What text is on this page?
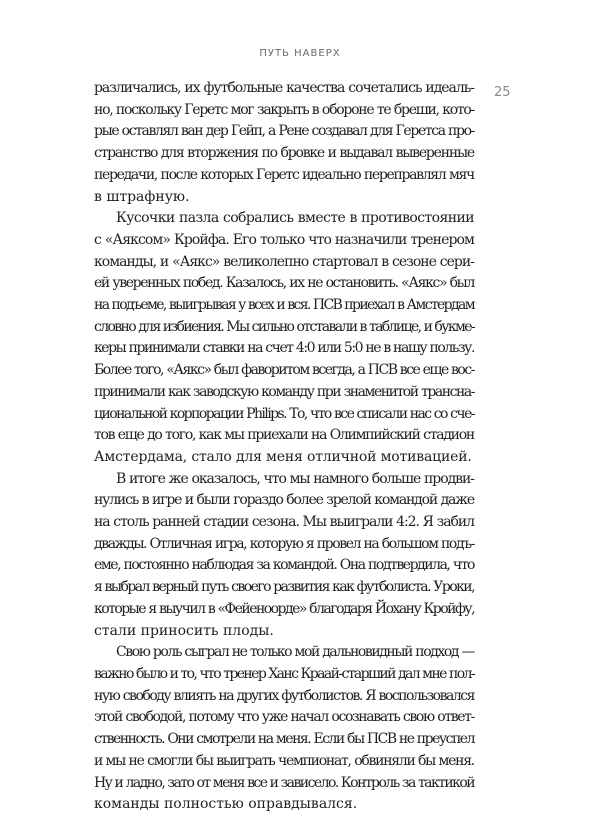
ПУТЬ НАВЕРХ
25

различались, их футбольные качества сочетались идеаль-
но, поскольку Геретс мог закрыть в обороне те бреши, кото-
рые оставлял ван дер Гейп, а Рене создавал для Геретса про-
странство для вторжения по бровке и выдавал выверенные
передачи, после которых Геретс идеально переправлял мяч
в штрафную.

Кусочки пазла собрались вместе в противостоянии
с «Аяксом» Кройфа. Его только что назначили тренером
команды, и «Аякс» великолепно стартовал в сезоне сери-
ей уверенных побед. Казалось, их не остановить. «Аякс» был
на подъеме, выигрывая у всех и вся. ПСВ приехал в Амстердам
словно для избиения. Мы сильно отставали в таблице, и букме-
керы принимали ставки на счет 4:0 или 5:0 не в нашу пользу.
Более того, «Аякс» был фаворитом всегда, а ПСВ все еще вос-
принимали как заводскую команду при знаменитой трансна-
циональной корпорации Philips. То, что все списали нас со сче-
тов еще до того, как мы приехали на Олимпийский стадион
Амстердама, стало для меня отличной мотивацией.

В итоге же оказалось, что мы намного больше продви-
нулись в игре и были гораздо более зрелой командой даже
на столь ранней стадии сезона. Мы выиграли 4:2. Я забил
дважды. Отличная игра, которую я провел на большом подъ-
еме, постоянно наблюдая за командой. Она подтвердила, что
я выбрал верный путь своего развития как футболиста. Уроки,
которые я выучил в «Фейеноорде» благодаря Йохану Кройфу,
стали приносить плоды.

Свою роль сыграл не только мой дальновидный подход —
важно было и то, что тренер Ханс Краай-старший дал мне пол-
ную свободу влиять на других футболистов. Я воспользовался
этой свободой, потому что уже начал осознавать свою ответ-
ственность. Они смотрели на меня. Если бы ПСВ не преуспел
и мы не смогли бы выиграть чемпионат, обвиняли бы меня.
Ну и ладно, зато от меня все и зависело. Контроль за тактикой
команды полностью оправдывался.
